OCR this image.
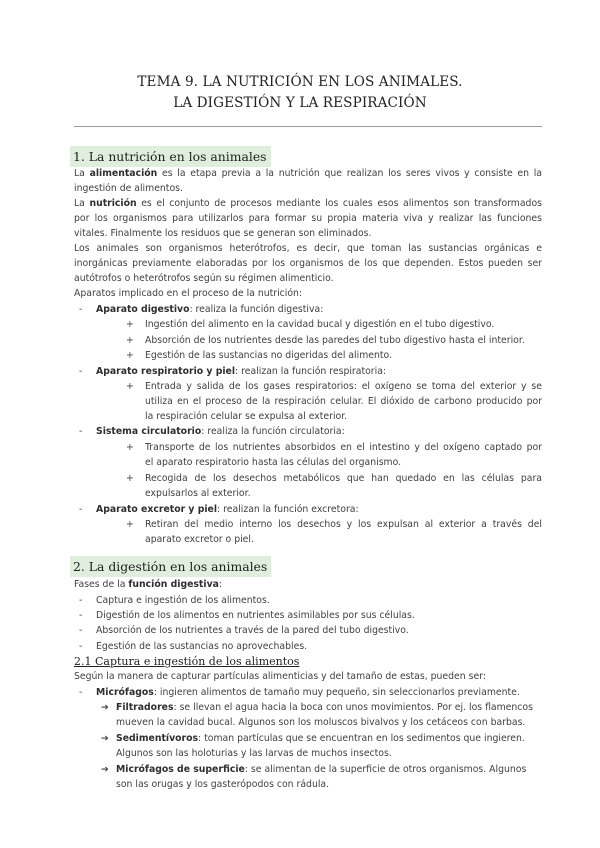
TEMA 9. LA NUTRICIÓN EN LOS ANIMALES.
LA DIGESTIÓN Y LA RESPIRACIÓN
1. La nutrición en los animales
La alimentación es la etapa previa a la nutrición que realizan los seres vivos y consiste en la
ingestión de alimentos.
La nutrición es el conjunto de procesos mediante los cuales esos alimentos son transformados
por los organismos para utilizarlos para formar su propia materia viva y realizar las funciones
vitales. Finalmente los residuos que se generan son eliminados.
Los animales son organismos heterótrofos, es decir, que toman las sustancias orgánicas e
inorgánicas previamente elaboradas por los organismos de los que dependen. Estos pueden ser
autótrofos o heterótrofos según su régimen alimenticio.
Aparatos implicado en el proceso de la nutrición:
- Aparato digestivo: realiza la función digestiva:
+ Ingestión del alimento en la cavidad bucal y digestión en el tubo digestivo.
+ Absorción de los nutrientes desde las paredes del tubo digestivo hasta el interior.
+ Egestión de las sustancias no digeridas del alimento.
- Aparato respiratorio y piel: realizan la función respiratoria:
+ Entrada y salida de los gases respiratorios: el oxígeno se toma del exterior y se
utiliza en el proceso de la respiración celular. El dióxido de carbono producido por
la respiración celular se expulsa al exterior.
- Sistema circulatorio: realiza la función circulatoria:
+ Transporte de los nutrientes absorbidos en el intestino y del oxígeno captado por
el aparato respiratorio hasta las células del organismo.
+ Recogida de los desechos metabólicos que han quedado en las células para
expulsarlos al exterior.
- Aparato excretor y piel: realizan la función excretora:
+ Retiran del medio interno los desechos y los expulsan al exterior a través del
aparato excretor o piel.
2. La digestión en los animales
Fases de la función digestiva:
- Captura e ingestión de los alimentos.
- Digestión de los alimentos en nutrientes asimilables por sus células.
- Absorción de los nutrientes a través de la pared del tubo digestivo.
- Egestión de las sustancias no aprovechables.
2.1 Captura e ingestión de los alimentos
Según la manera de capturar partículas alimenticias y del tamaño de estas, pueden ser:
- Micrófagos: ingieren alimentos de tamaño muy pequeño, sin seleccionarlos previamente.
➔ Filtradores: se llevan el agua hacia la boca con unos movimientos. Por ej. los flamencos
mueven la cavidad bucal. Algunos son los moluscos bivalvos y los cetáceos con barbas.
➔ Sedimentívoros: toman partículas que se encuentran en los sedimentos que ingieren.
Algunos son las holoturias y las larvas de muchos insectos.
➔ Micrófagos de superficie: se alimentan de la superficie de otros organismos. Algunos
son las orugas y los gasterópodos con rádula.
